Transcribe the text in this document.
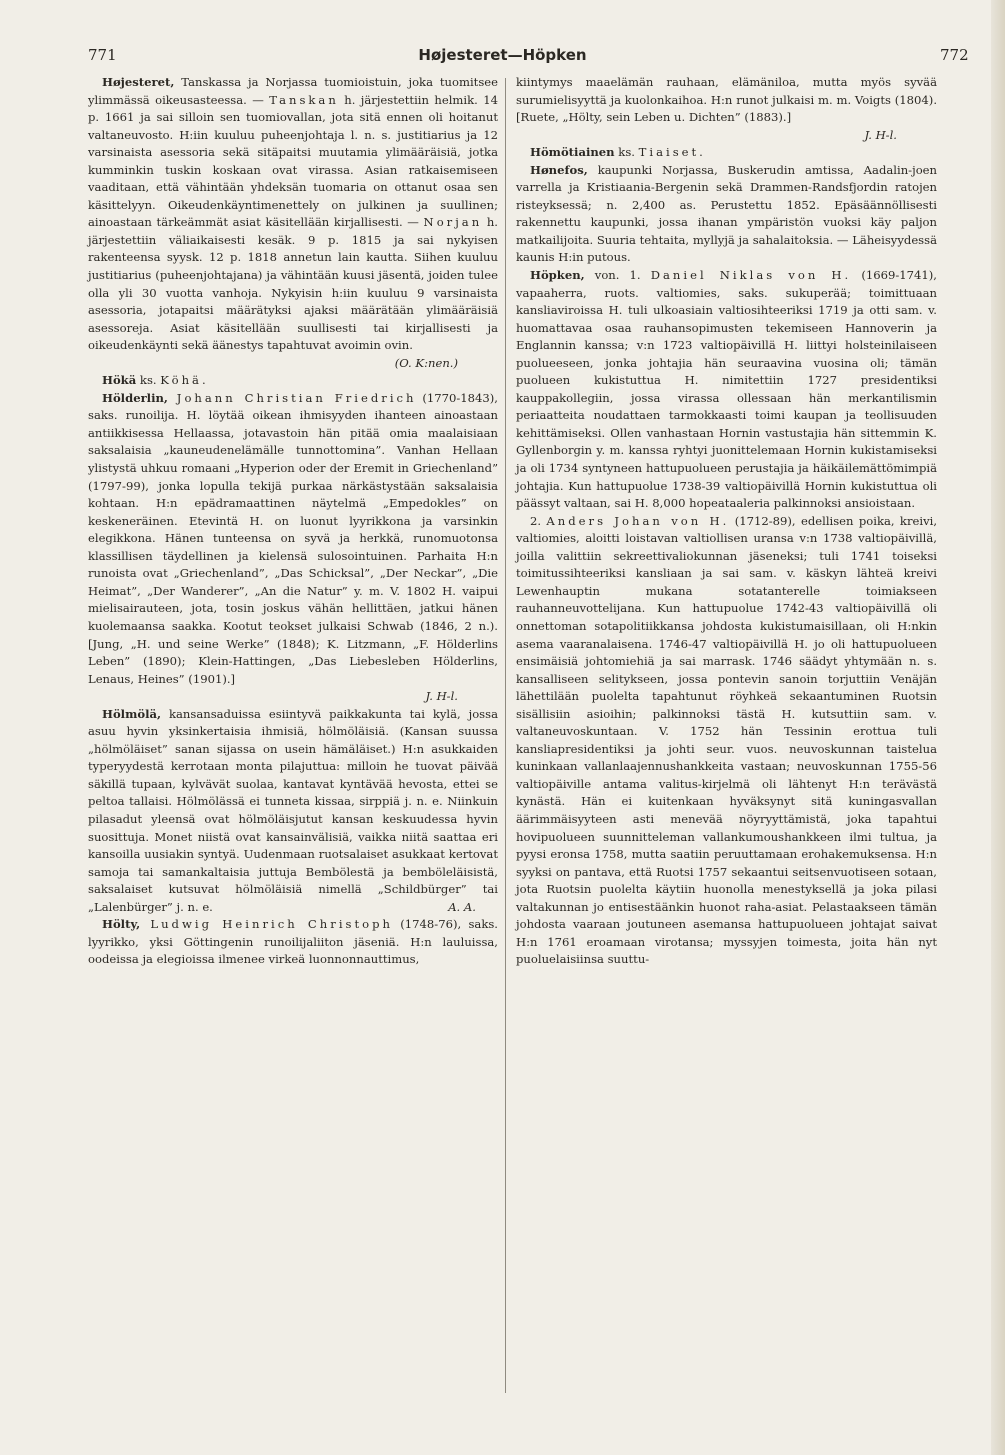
771	Højesteret—Höpken	772

Højesteret, Tanskassa ja Norjassa tuomioistuin, joka tuomitsee ylimmässä oikeusasteessa. — Tanskan h. järjestettiin helmik. 14 p. 1661 ja sai silloin sen tuomiovallan, jota sitä ennen oli hoitanut valtaneuvosto. H:iin kuuluu puheenjohtaja l. n. s. justitiarius ja 12 varsinaista asessoria sekä sitäpaitsi muutamia ylimääräisiä, jotka kumminkin tuskin koskaan ovat virassa. Asian ratkaisemiseen vaaditaan, että vähintään yhdeksän tuomaria on ottanut osaa sen käsittelyyn. Oikeudenkäyntimenettely on julkinen ja suullinen; ainoastaan tärkeämmät asiat käsitellään kirjallisesti. — Norjan h. järjestettiin väliaikaisesti kesäk. 9 p. 1815 ja sai nykyisen rakenteensa syysk. 12 p. 1818 annetun lain kautta. Siihen kuuluu justitiarius (puheenjohtajana) ja vähintään kuusi jäsentä, joiden tulee olla yli 30 vuotta vanhoja. Nykyisin h:iin kuuluu 9 varsinaista asessoria, jotapaitsi määrätyksi ajaksi määrätään ylimääräisiä asessoreja. Asiat käsitellään suullisesti tai kirjallisesti ja oikeudenkäynti sekä äänestys tapahtuvat avoimin ovin.
(O. K:nen.)

Hökä ks. Köhä.

Hölderlin, Johann Christian Friedrich (1770-1843), saks. runoilija. H. löytää oikean ihmisyyden ihanteen ainoastaan antiikkisessa Hellaassa, jotavastoin hän pitää omia maalaisiaan saksalaisia „kauneudenelämälle tunnottomina”. Vanhan Hellaan ylistystä uhkuu romaani „Hyperion oder der Eremit in Griechenland” (1797-99), jonka lopulla tekijä purkaa närkästystään saksalaisia kohtaan. H:n epädramaattinen näytelmä „Empedokles” on keskeneräinen. Etevintä H. on luonut lyyrikkona ja varsinkin elegikkona. Hänen tunteensa on syvä ja herkkä, runomuotonsa klassillisen täydellinen ja kielensä sulosointuinen. Parhaita H:n runoista ovat „Griechenland”, „Das Schicksal”, „Der Neckar”, „Die Heimat”, „Der Wanderer”, „An die Natur” y. m. V. 1802 H. vaipui mielisairauteen, jota, tosin joskus vähän hellittäen, jatkui hänen kuolemaansa saakka. Kootut teokset julkaisi Schwab (1846, 2 n.). [Jung, „H. und seine Werke” (1848); K. Litzmann, „F. Hölderlins Leben” (1890); Klein-Hattingen, „Das Liebesleben Hölderlins, Lenaus, Heines” (1901).]
J. H-l.

Hölmölä, kansansaduissa esiintyvä paikkakunta tai kylä, jossa asuu hyvin yksinkertaisia ihmisiä, hölmöläisiä. (Kansan suussa „hölmöläiset” sanan sijassa on usein hämäläiset.) H:n asukkaiden typeryydestä kerrotaan monta pilajuttua: milloin he tuovat päivää säkillä tupaan, kylvävät suolaa, kantavat kyntävää hevosta, ettei se peltoa tallaisi. Hölmölässä ei tunneta kissaa, sirppiä j. n. e. Niinkuin pilasadut yleensä ovat hölmöläisjutut kansan keskuudessa hyvin suosittuja. Monet niistä ovat kansainvälisiä, vaikka niitä saattaa eri kansoilla uusiakin syntyä. Uudenmaan ruotsalaiset asukkaat kertovat samoja tai samankaltaisia juttuja Bembölestä ja bemböleläisistä, saksalaiset kutsuvat hölmöläisiä nimellä „Schildbürger” tai „Lalenbürger” j. n. e.	A. A.

Hölty, Ludwig Heinrich Christoph (1748-76), saks. lyyrikko, yksi Göttingenin runoilijaliiton jäseniä. H:n lauluissa, oodeissa ja elegioissa ilmenee virkeä luonnonnauttimus,

kiintymys maaelämän rauhaan, elämäniloa, mutta myös syvää surumielisyyttä ja kuolonkaihoa. H:n runot julkaisi m. m. Voigts (1804). [Ruete, „Hölty, sein Leben u. Dichten” (1883).]
J. H-l.

Hömötiainen ks. Tiaiset.

Hønefos, kaupunki Norjassa, Buskerudin amtissa, Aadalin-joen varrella ja Kristiaania-Bergenin sekä Drammen-Randsfjordin ratojen risteyksessä; n. 2,400 as. Perustettu 1852. Epäsäännöllisesti rakennettu kaupunki, jossa ihanan ympäristön vuoksi käy paljon matkailijoita. Suuria tehtaita, myllyjä ja sahalaitoksia. — Läheisyydessä kaunis H:in putous.

Höpken, von. 1. Daniel Niklas von H. (1669-1741), vapaaherra, ruots. valtiomies, saks. sukuperää; toimittuaan kansliaviroissa H. tuli ulkoasiain valtiosihteeriksi 1719 ja otti sam. v. huomattavaa osaa rauhansopimusten tekemiseen Hannoverin ja Englannin kanssa; v:n 1723 valtiopäivillä H. liittyi holsteinilaiseen puolueeseen, jonka johtajia hän seuraavina vuosina oli; tämän puolueen kukistuttua H. nimitettiin 1727 presidentiksi kauppakollegiin, jossa virassa ollessaan hän merkantilismin periaatteita noudattaen tarmokkaasti toimi kaupan ja teollisuuden kehittämiseksi. Ollen vanhastaan Hornin vastustajia hän sittemmin K. Gyllenborgin y. m. kanssa ryhtyi juonittelemaan Hornin kukistamiseksi ja oli 1734 syntyneen hattupuolueen perustajia ja häikäilemättömimpiä johtajia. Kun hattupuolue 1738-39 valtiopäivillä Hornin kukistuttua oli päässyt valtaan, sai H. 8,000 hopeataaleria palkinnoksi ansioistaan.

2. Anders Johan von H. (1712-89), edellisen poika, kreivi, valtiomies, aloitti loistavan valtiollisen uransa v:n 1738 valtiopäivillä, joilla valittiin sekreettivaliokunnan jäseneksi; tuli 1741 toiseksi toimitussihteeriksi kansliaan ja sai sam. v. käskyn lähteä kreivi Lewenhauptin mukana sotatanterelle toimiakseen rauhanneuvottelijana. Kun hattupuolue 1742-43 valtiopäivillä oli onnettoman sotapolitiikkansa johdosta kukistumaisillaan, oli H:nkin asema vaaranalaisena. 1746-47 valtiopäivillä H. jo oli hattupuolueen ensimäisiä johtomiehiä ja sai marrask. 1746 säädyt yhtymään n. s. kansalliseen selitykseen, jossa pontevin sanoin torjuttiin Venäjän lähettilään puolelta tapahtunut röyhkeä sekaantuminen Ruotsin sisällisiin asioihin; palkinnoksi tästä H. kutsuttiin sam. v. valtaneuvoskuntaan. V. 1752 hän Tessinin erottua tuli kansliapresidentiksi ja johti seur. vuos. neuvoskunnan taistelua kuninkaan vallanlaajennushankkeita vastaan; neuvoskunnan 1755-56 valtiopäiville antama valitus-kirjelmä oli lähtenyt H:n terävästä kynästä. Hän ei kuitenkaan hyväksynyt sitä kuningasvallan äärimmäisyyteen asti menevää nöyryyttämistä, joka tapahtui hovipuolueen suunnitteleman vallankumoushankkeen ilmi tultua, ja pyysi eronsa 1758, mutta saatiin peruuttamaan erohakemuksensa. H:n syyksi on pantava, että Ruotsi 1757 sekaantui seitsenvuotiseen sotaan, jota Ruotsin puolelta käytiin huonolla menestyksellä ja joka pilasi valtakunnan jo entisestäänkin huonot raha-asiat. Pelastaakseen tämän johdosta vaaraan joutuneen asemansa hattupuolueen johtajat saivat H:n 1761 eroamaan virotansa; myssyjen toimesta, joita hän nyt puoluelaisiinsa suuttu-
